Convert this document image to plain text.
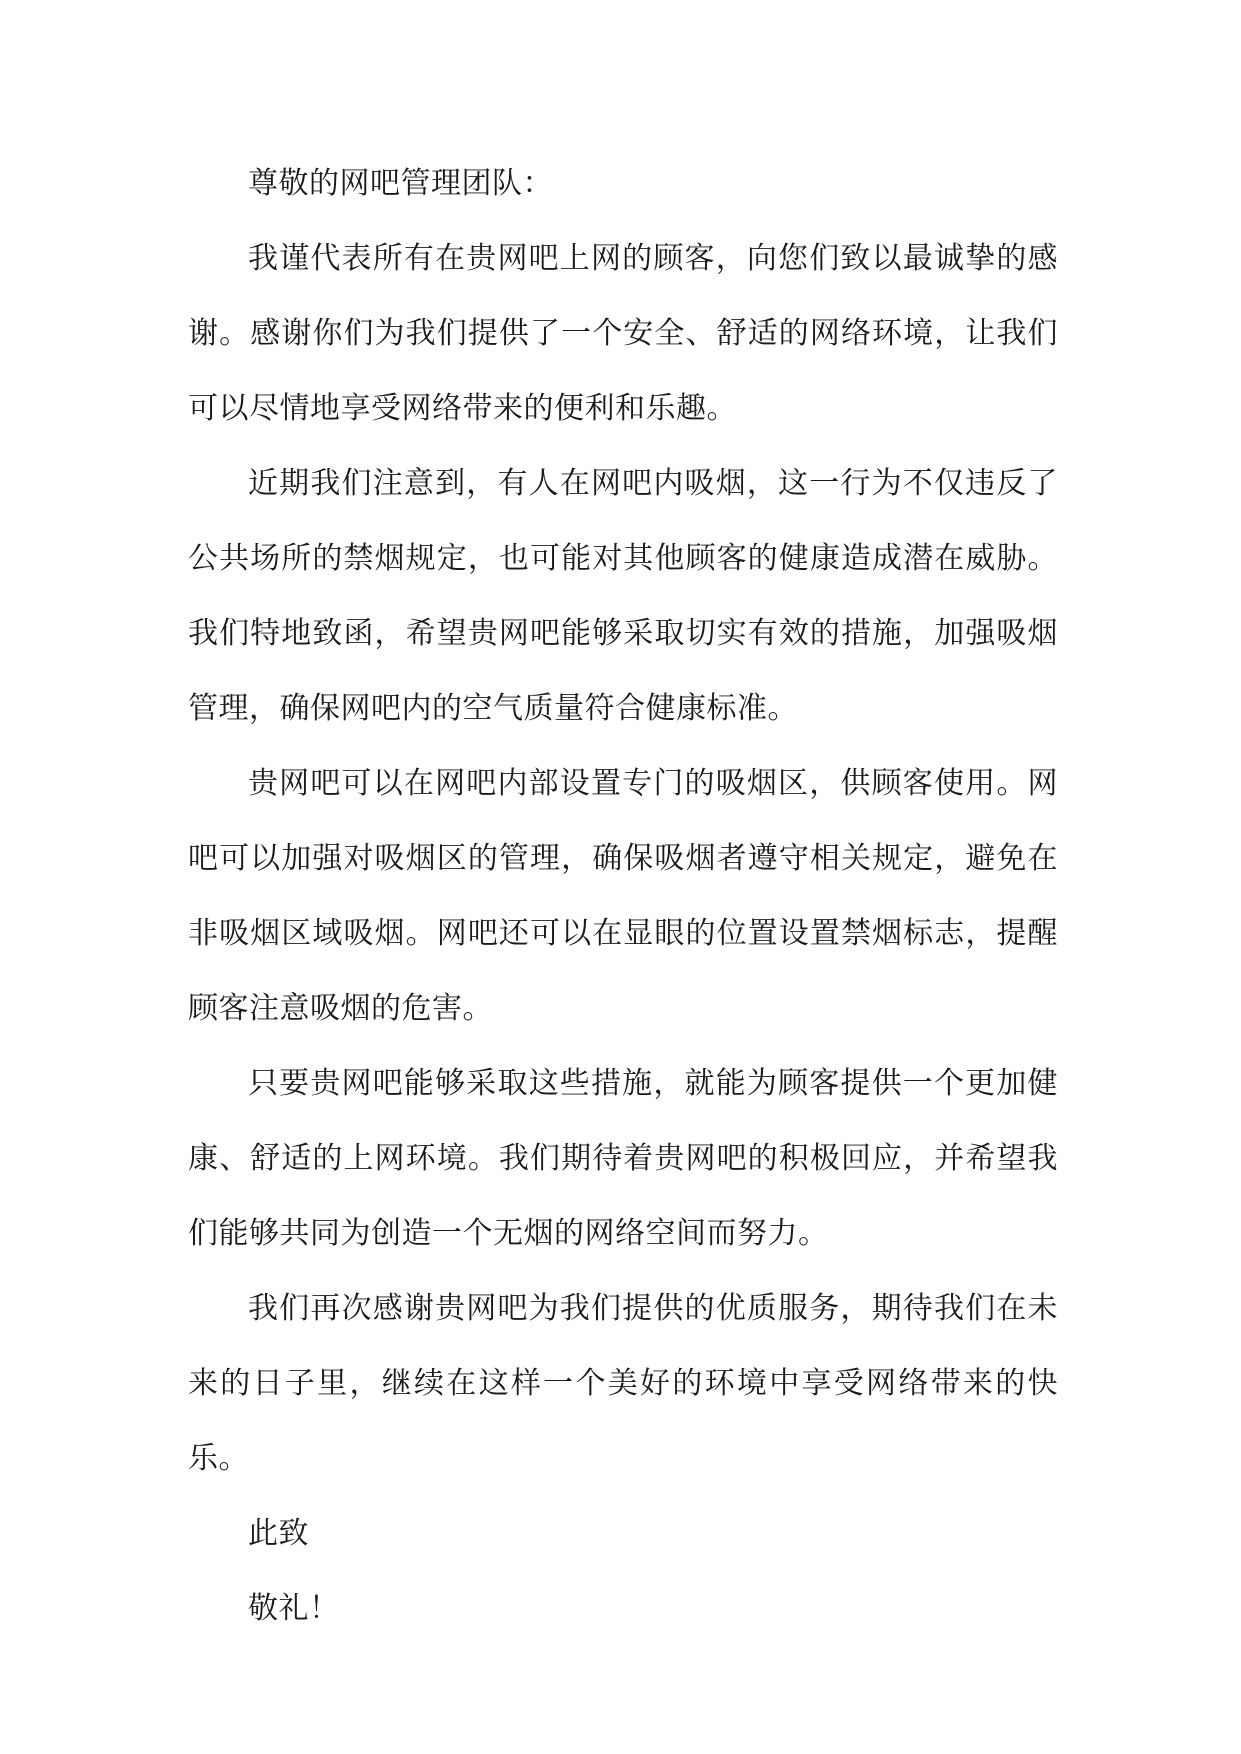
尊敬的网吧管理团队：

我谨代表所有在贵网吧上网的顾客，向您们致以最诚挚的感谢。感谢你们为我们提供了一个安全、舒适的网络环境，让我们可以尽情地享受网络带来的便利和乐趣。

近期我们注意到，有人在网吧内吸烟，这一行为不仅违反了公共场所的禁烟规定，也可能对其他顾客的健康造成潜在威胁。我们特地致函，希望贵网吧能够采取切实有效的措施，加强吸烟管理，确保网吧内的空气质量符合健康标准。

贵网吧可以在网吧内部设置专门的吸烟区，供顾客使用。网吧可以加强对吸烟区的管理，确保吸烟者遵守相关规定，避免在非吸烟区域吸烟。网吧还可以在显眼的位置设置禁烟标志，提醒顾客注意吸烟的危害。

只要贵网吧能够采取这些措施，就能为顾客提供一个更加健康、舒适的上网环境。我们期待着贵网吧的积极回应，并希望我们能够共同为创造一个无烟的网络空间而努力。

我们再次感谢贵网吧为我们提供的优质服务，期待我们在未来的日子里，继续在这样一个美好的环境中享受网络带来的快乐。

此致

敬礼！
